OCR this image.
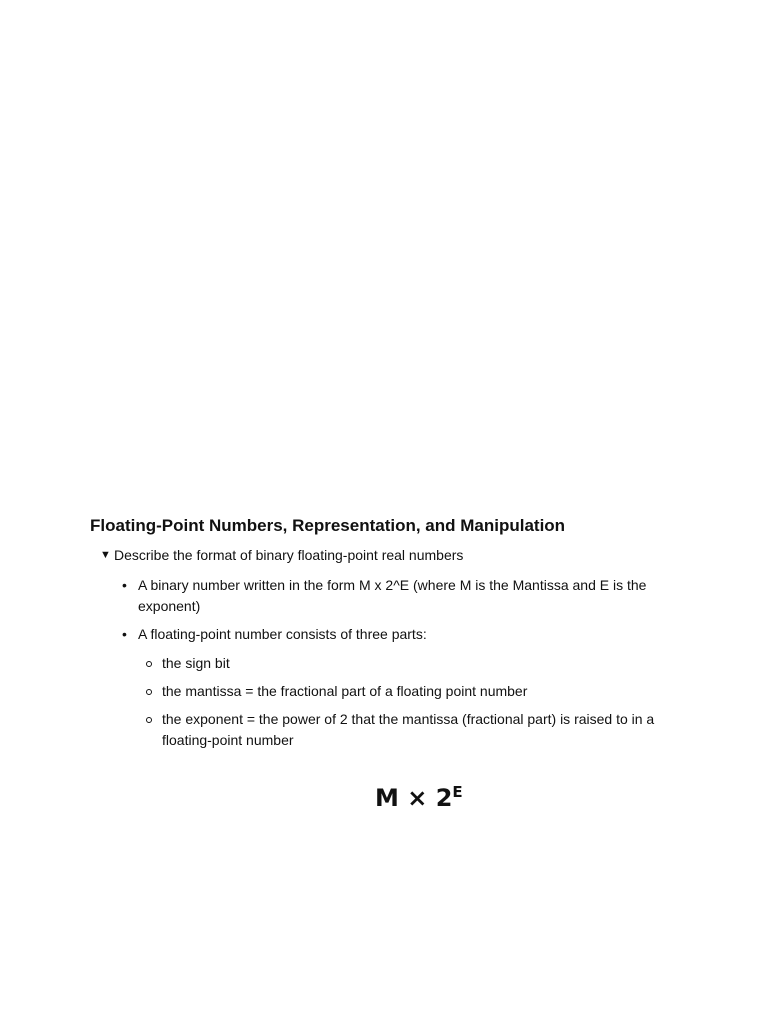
Floating-Point Numbers, Representation, and Manipulation
▼ Describe the format of binary floating-point real numbers
• A binary number written in the form M x 2^E (where M is the Mantissa and E is the exponent)
• A floating-point number consists of three parts:
the sign bit
the mantissa = the fractional part of a floating point number
the exponent = the power of 2 that the mantissa (fractional part) is raised to in a floating-point number
$M \times 2^E$
